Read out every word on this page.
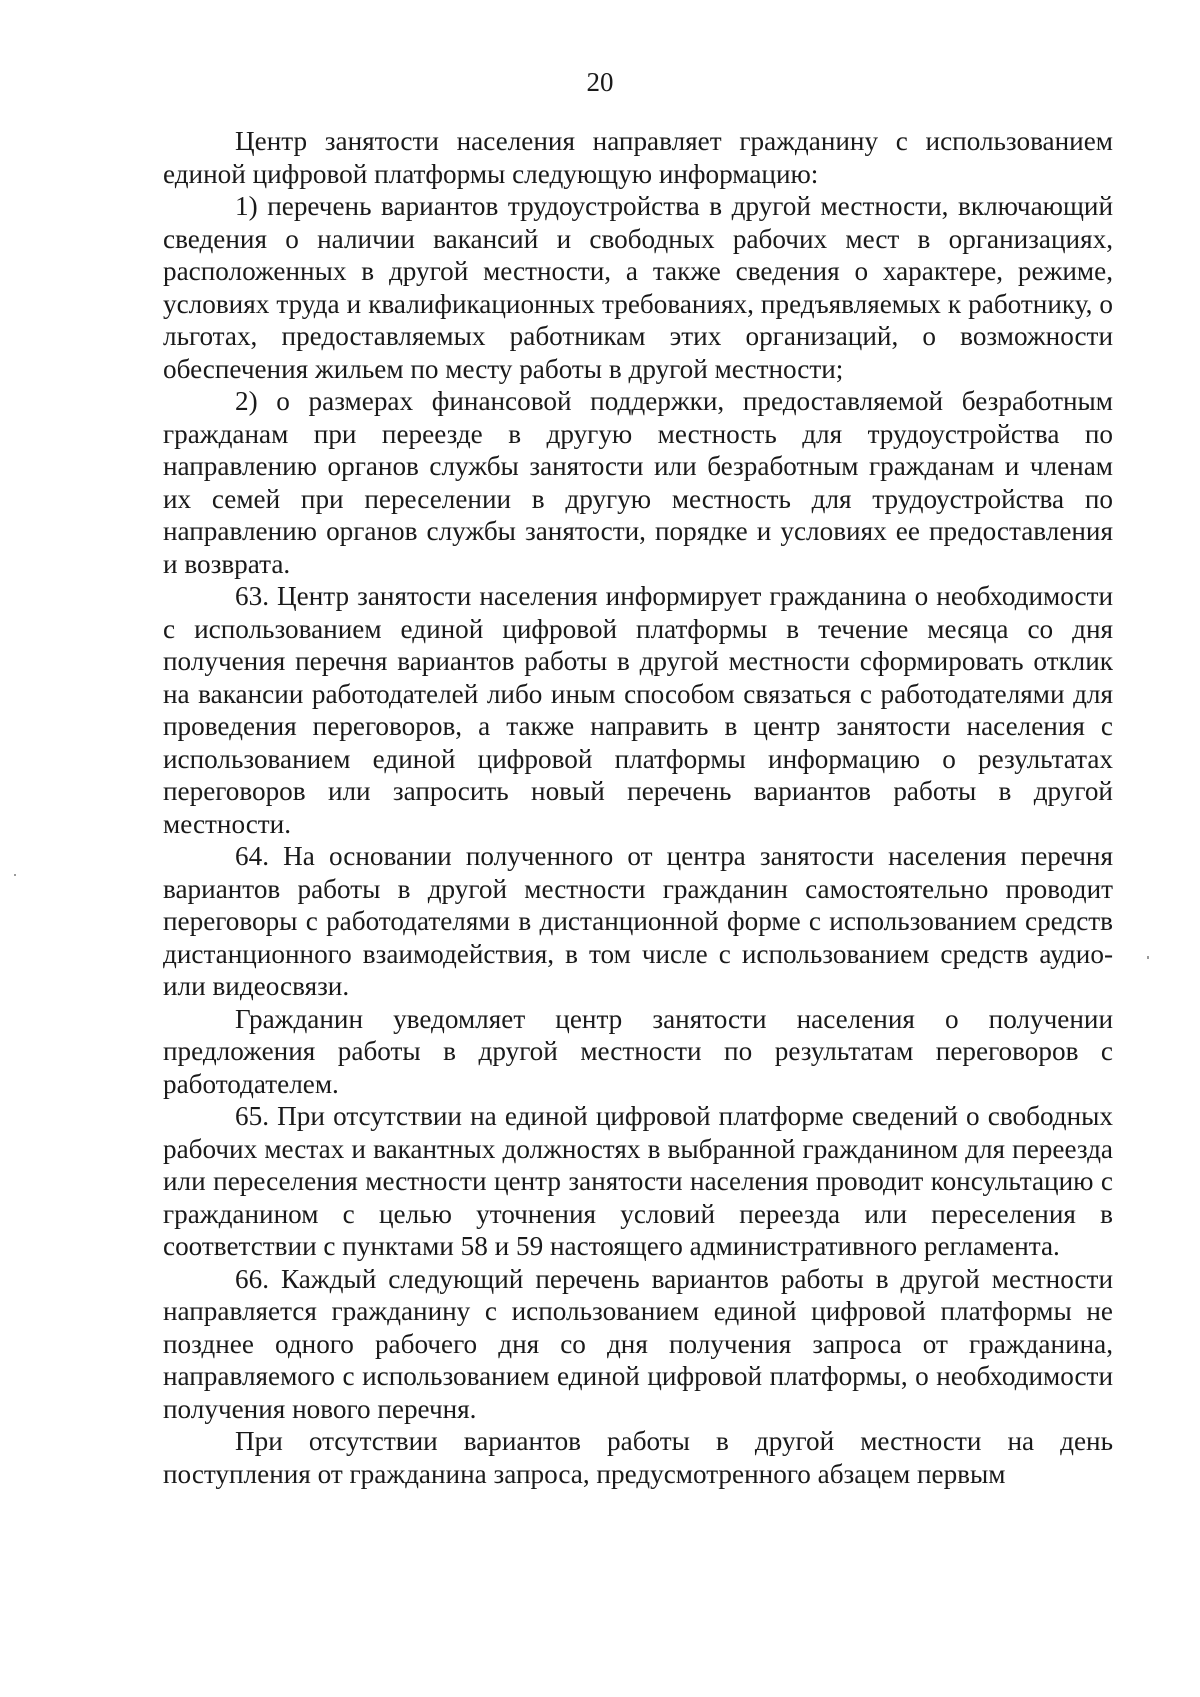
20

Центр занятости населения направляет гражданину с использованием единой цифровой платформы следующую информацию:

1) перечень вариантов трудоустройства в другой местности, включающий сведения о наличии вакансий и свободных рабочих мест в организациях, расположенных в другой местности, а также сведения о характере, режиме, условиях труда и квалификационных требованиях, предъявляемых к работнику, о льготах, предоставляемых работникам этих организаций, о возможности обеспечения жильем по месту работы в другой местности;

2) о размерах финансовой поддержки, предоставляемой безработным гражданам при переезде в другую местность для трудоустройства по направлению органов службы занятости или безработным гражданам и членам их семей при переселении в другую местность для трудоустройства по направлению органов службы занятости, порядке и условиях ее предоставления и возврата.

63. Центр занятости населения информирует гражданина о необходимости с использованием единой цифровой платформы в течение месяца со дня получения перечня вариантов работы в другой местности сформировать отклик на вакансии работодателей либо иным способом связаться с работодателями для проведения переговоров, а также направить в центр занятости населения с использованием единой цифровой платформы информацию о результатах переговоров или запросить новый перечень вариантов работы в другой местности.

64. На основании полученного от центра занятости населения перечня вариантов работы в другой местности гражданин самостоятельно проводит переговоры с работодателями в дистанционной форме с использованием средств дистанционного взаимодействия, в том числе с использованием средств аудио- или видеосвязи.

Гражданин уведомляет центр занятости населения о получении предложения работы в другой местности по результатам переговоров с работодателем.

65. При отсутствии на единой цифровой платформе сведений о свободных рабочих местах и вакантных должностях в выбранной гражданином для переезда или переселения местности центр занятости населения проводит консультацию с гражданином с целью уточнения условий переезда или переселения в соответствии с пунктами 58 и 59 настоящего административного регламента.

66. Каждый следующий перечень вариантов работы в другой местности направляется гражданину с использованием единой цифровой платформы не позднее одного рабочего дня со дня получения запроса от гражданина, направляемого с использованием единой цифровой платформы, о необходимости получения нового перечня.

При отсутствии вариантов работы в другой местности на день поступления от гражданина запроса, предусмотренного абзацем первым
